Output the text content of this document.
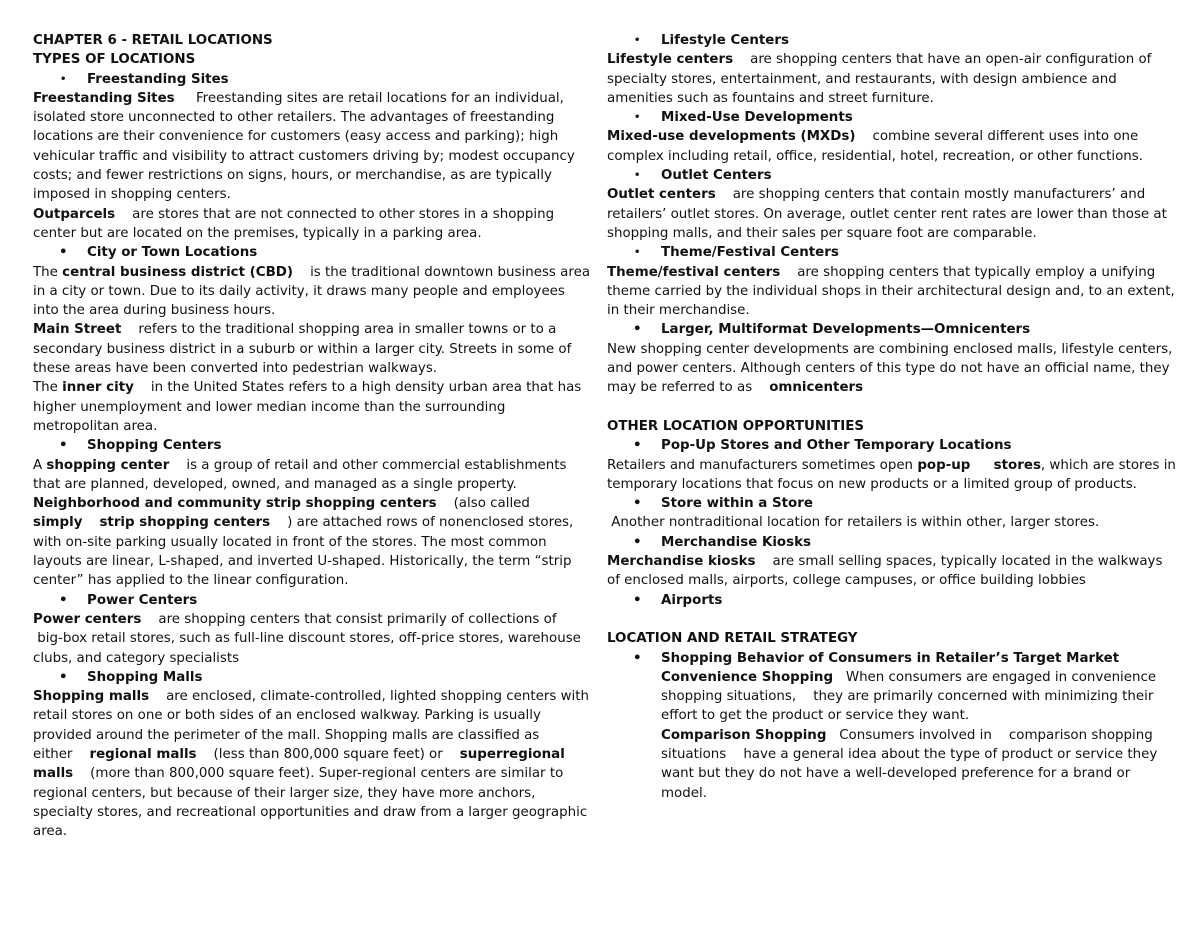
CHAPTER 6 - RETAIL LOCATIONS

TYPES OF LOCATIONS

• Freestanding Sites

Freestanding Sites Freestanding sites are retail locations for an individual, isolated store unconnected to other retailers. The advantages of freestanding locations are their convenience for customers (easy access and parking); high vehicular traffic and visibility to attract customers driving by; modest occupancy costs; and fewer restrictions on signs, hours, or merchandise, as are typically imposed in shopping centers.

Outparcels are stores that are not connected to other stores in a shopping center but are located on the premises, typically in a parking area.

• City or Town Locations

The central business district (CBD) is the traditional downtown business area in a city or town. Due to its daily activity, it draws many people and employees into the area during business hours.

Main Street refers to the traditional shopping area in smaller towns or to a secondary business district in a suburb or within a larger city. Streets in some of these areas have been converted into pedestrian walkways.

The inner city in the United States refers to a high density urban area that has higher unemployment and lower median income than the surrounding metropolitan area.

• Shopping Centers

A shopping center is a group of retail and other commercial establishments that are planned, developed, owned, and managed as a single property.

Neighborhood and community strip shopping centers (also called simply strip shopping centers ) are attached rows of nonenclosed stores, with on-site parking usually located in front of the stores. The most common layouts are linear, L-shaped, and inverted U-shaped. Historically, the term “strip center” has applied to the linear configuration.

• Power Centers

Power centers are shopping centers that consist primarily of collections of

big-box retail stores, such as full-line discount stores, off-price stores, warehouse clubs, and category specialists

• Shopping Malls

Shopping malls are enclosed, climate-controlled, lighted shopping centers with retail stores on one or both sides of an enclosed walkway. Parking is usually provided around the perimeter of the mall. Shopping malls are classified as either regional malls (less than 800,000 square feet) or superregional malls (more than 800,000 square feet). Super-regional centers are similar to regional centers, but because of their larger size, they have more anchors, specialty stores, and recreational opportunities and draw from a larger geographic area.

• Lifestyle Centers

Lifestyle centers are shopping centers that have an open-air configuration of specialty stores, entertainment, and restaurants, with design ambience and amenities such as fountains and street furniture.

• Mixed-Use Developments

Mixed-use developments (MXDs) combine several different uses into one complex including retail, office, residential, hotel, recreation, or other functions.

• Outlet Centers

Outlet centers are shopping centers that contain mostly manufacturers’ and retailers’ outlet stores. On average, outlet center rent rates are lower than those at shopping malls, and their sales per square foot are comparable.

• Theme/Festival Centers

Theme/festival centers are shopping centers that typically employ a unifying theme carried by the individual shops in their architectural design and, to an extent, in their merchandise.

• Larger, Multiformat Developments—Omnicenters

New shopping center developments are combining enclosed malls, lifestyle centers, and power centers. Although centers of this type do not have an official name, they may be referred to as omnicenters

OTHER LOCATION OPPORTUNITIES

• Pop-Up Stores and Other Temporary Locations

Retailers and manufacturers sometimes open pop-up     stores, which are stores in temporary locations that focus on new products or a limited group of products.

• Store within a Store

Another nontraditional location for retailers is within other, larger stores.

• Merchandise Kiosks

Merchandise kiosks are small selling spaces, typically located in the walkways of enclosed malls, airports, college campuses, or office building lobbies

• Airports

LOCATION AND RETAIL STRATEGY

• Shopping Behavior of Consumers in Retailer’s Target Market

Convenience Shopping When consumers are engaged in convenience shopping situations, they are primarily concerned with minimizing their effort to get the product or service they want.

Comparison Shopping Consumers involved in comparison shopping situations have a general idea about the type of product or service they want but they do not have a well-developed preference for a brand or model.
